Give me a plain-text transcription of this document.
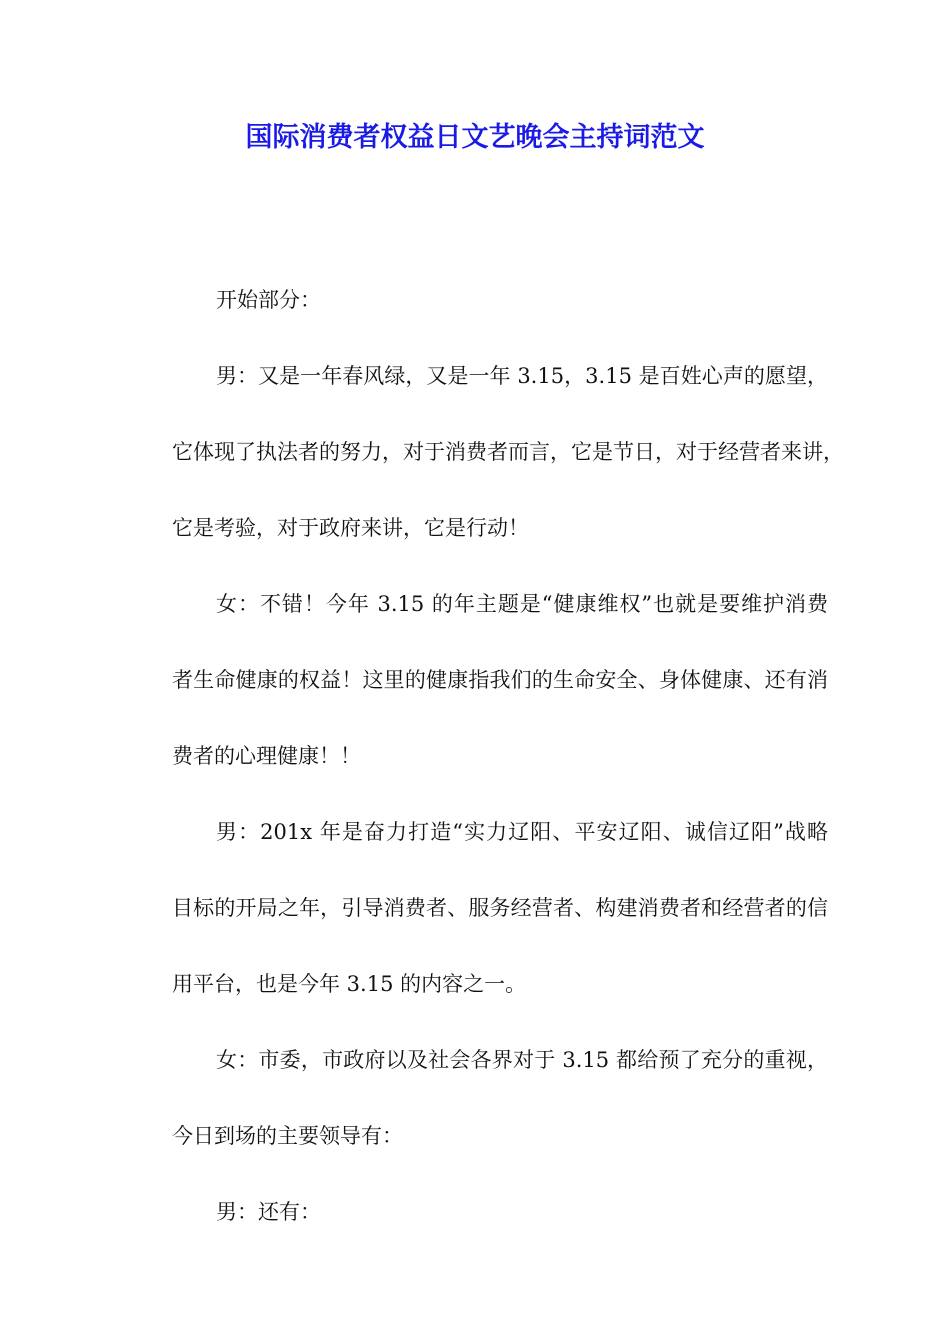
国际消费者权益日文艺晚会主持词范文
开始部分：
男：又是一年春风绿，又是一年 3.15，3.15 是百姓心声的愿望，
它体现了执法者的努力，对于消费者而言，它是节日，对于经营者来讲，
它是考验，对于政府来讲，它是行动！
女：不错！今年 3.15 的年主题是“健康维权”也就是要维护消费
者生命健康的权益！这里的健康指我们的生命安全、身体健康、还有消
费者的心理健康！！
男：201x 年是奋力打造“实力辽阳、平安辽阳、诚信辽阳”战略
目标的开局之年，引导消费者、服务经营者、构建消费者和经营者的信
用平台，也是今年 3.15 的内容之一。
女：市委，市政府以及社会各界对于 3.15 都给预了充分的重视，
今日到场的主要领导有：
男：还有：
